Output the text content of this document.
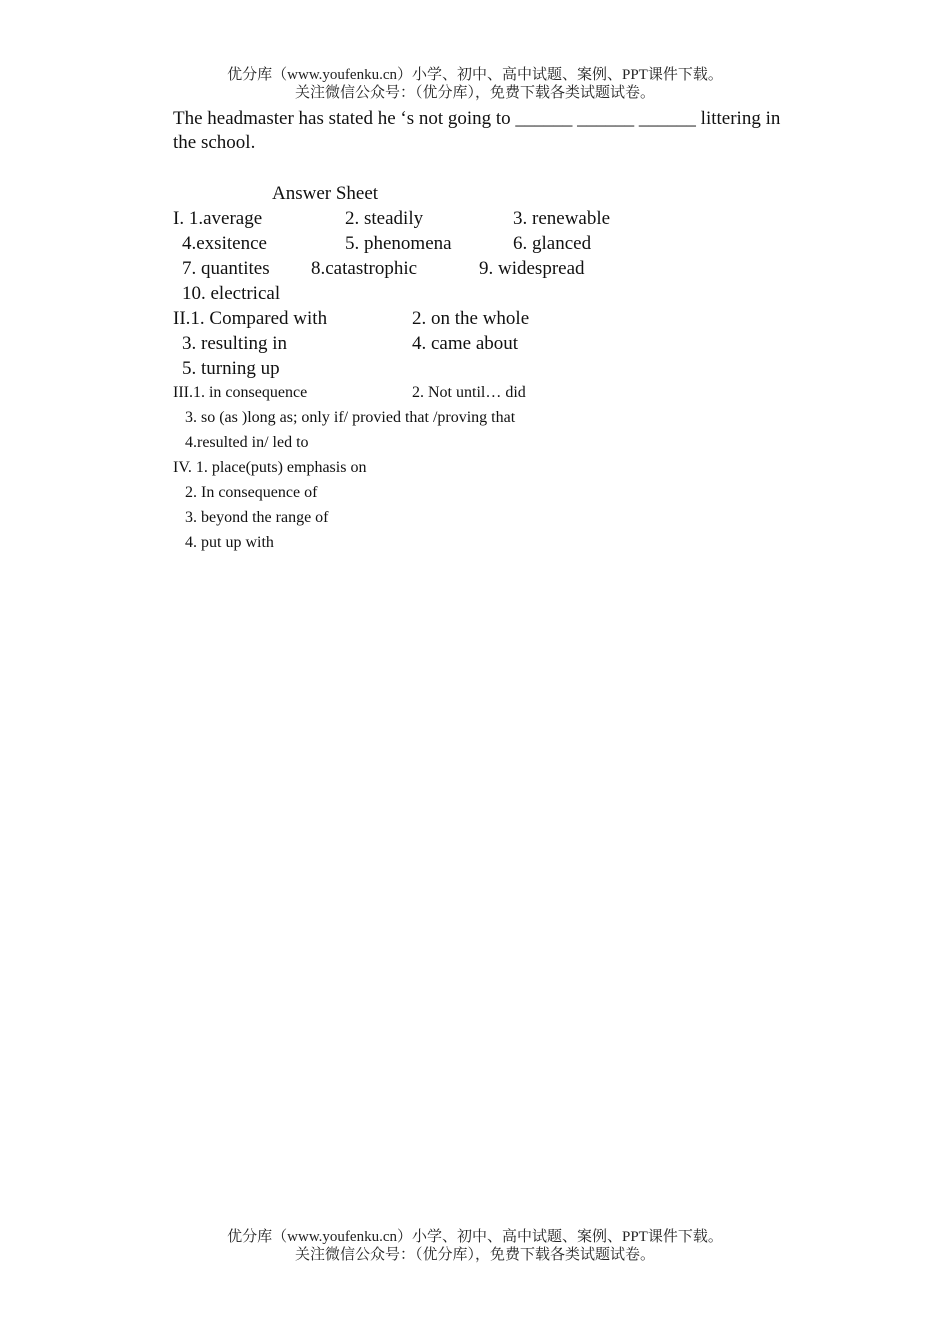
优分库（www.youfenku.cn）小学、初中、高中试题、案例、PPT课件下载。
关注微信公众号：（优分库），免费下载各类试题试卷。
The headmaster has stated he ‘s not going to ______ ______ ______ littering in
the school.
Answer Sheet
I. 1.average	2. steadily	3. renewable
4.exsitence	5. phenomena	6. glanced
7. quantites 8.catastrophic	9. widespread
10. electrical
II.1. Compared with	2. on the whole
3. resulting in	4. came about
5. turning up
III.1. in consequence	2. Not until… did
3. so (as )long as; only if/ provied that /proving that
4.resulted in/ led to
IV. 1. place(puts) emphasis on
2. In consequence of
3. beyond the range of
4. put up with
优分库（www.youfenku.cn）小学、初中、高中试题、案例、PPT课件下载。
关注微信公众号：（优分库），免费下载各类试题试卷。
